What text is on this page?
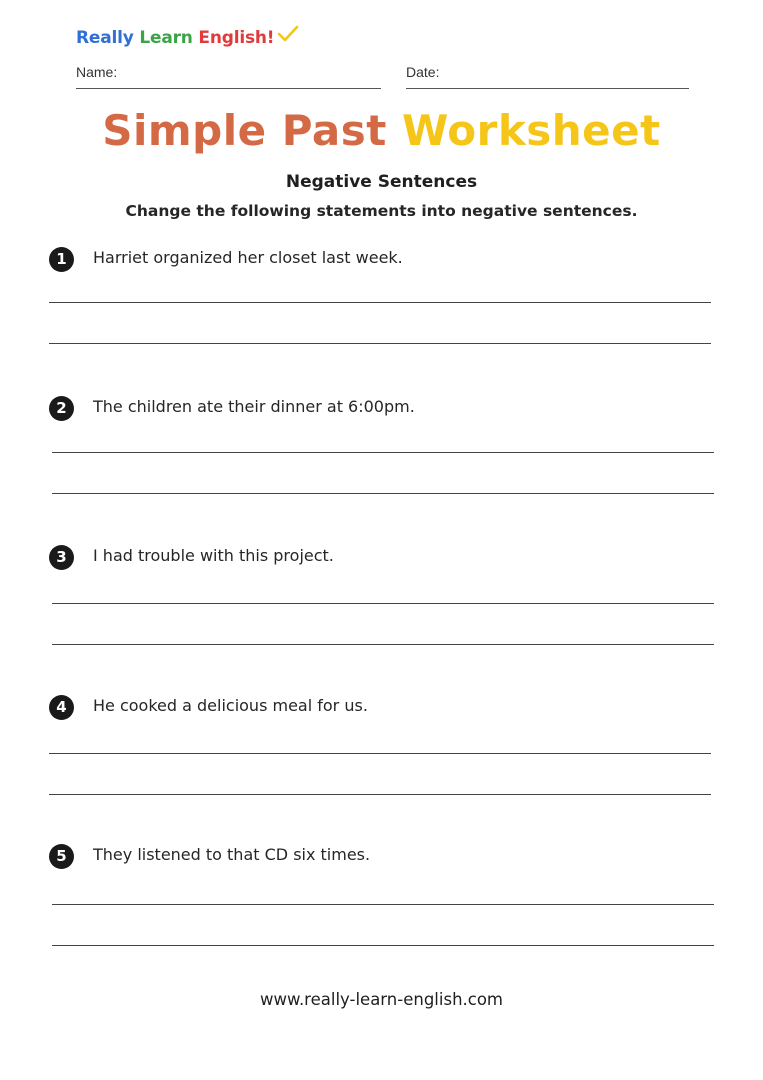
Really Learn English!
Name:	Date:
Simple Past Worksheet
Negative Sentences
Change the following statements into negative sentences.
1	Harriet organized her closet last week.
2	The children ate their dinner at 6:00pm.
3	I had trouble with this project.
4	He cooked a delicious meal for us.
5	They listened to that CD six times.
www.really-learn-english.com
